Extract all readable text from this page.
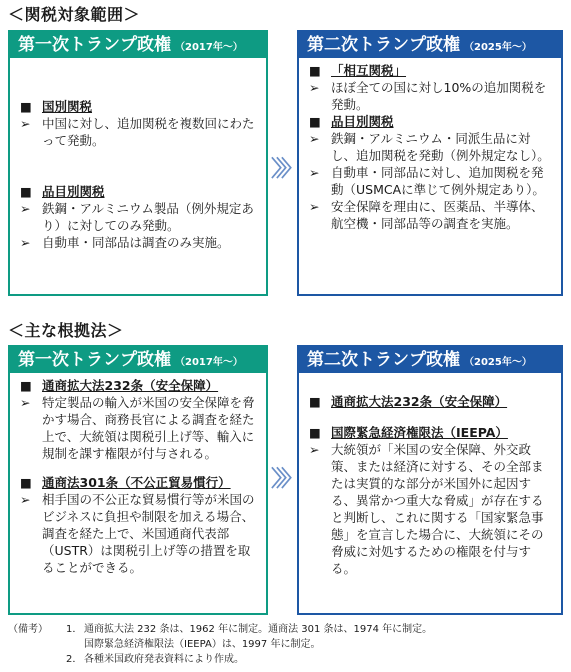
＜関税対象範囲＞
第一次トランプ政権 （2017年〜）
■ 国別関税
➢ 中国に対し、追加関税を複数回にわたって発動。
■ 品目別関税
➢ 鉄鋼・アルミニウム製品（例外規定あり）に対してのみ発動。
➢ 自動車・同部品は調査のみ実施。
〉〉〉
第二次トランプ政権 （2025年〜）
■ 「相互関税」
➢ ほぼ全ての国に対し10%の追加関税を発動。
■ 品目別関税
➢ 鉄鋼・アルミニウム・同派生品に対し、追加関税を発動（例外規定なし）。
➢ 自動車・同部品に対し、追加関税を発動（USMCAに準じて例外規定あり）。
➢ 安全保障を理由に、医薬品、半導体、航空機・同部品等の調査を実施。
＜主な根拠法＞
第一次トランプ政権 （2017年〜）
■ 通商拡大法232条（安全保障）
➢ 特定製品の輸入が米国の安全保障を脅かす場合、商務長官による調査を経た上で、大統領は関税引上げ等、輸入に規制を課す権限が付与される。
■ 通商法301条（不公正貿易慣行）
➢ 相手国の不公正な貿易慣行等が米国のビジネスに負担や制限を加える場合、調査を経た上で、米国通商代表部（USTR）は関税引上げ等の措置を取ることができる。
〉〉〉
第二次トランプ政権 （2025年〜）
■ 通商拡大法232条（安全保障）
■ 国際緊急経済権限法（IEEPA）
➢ 大統領が「米国の安全保障、外交政策、または経済に対する、その全部または実質的な部分が米国外に起因する、異常かつ重大な脅威」が存在すると判断し、これに関する「国家緊急事態」を宣言した場合に、大統領にその脅威に対処するための権限を付与する。
（備考）	1． 通商拡大法 232 条は、1962 年に制定。通商法 301 条は、1974 年に制定。
国際緊急経済権限法（IEEPA）は、1997 年に制定。
2． 各種米国政府発表資料により作成。
